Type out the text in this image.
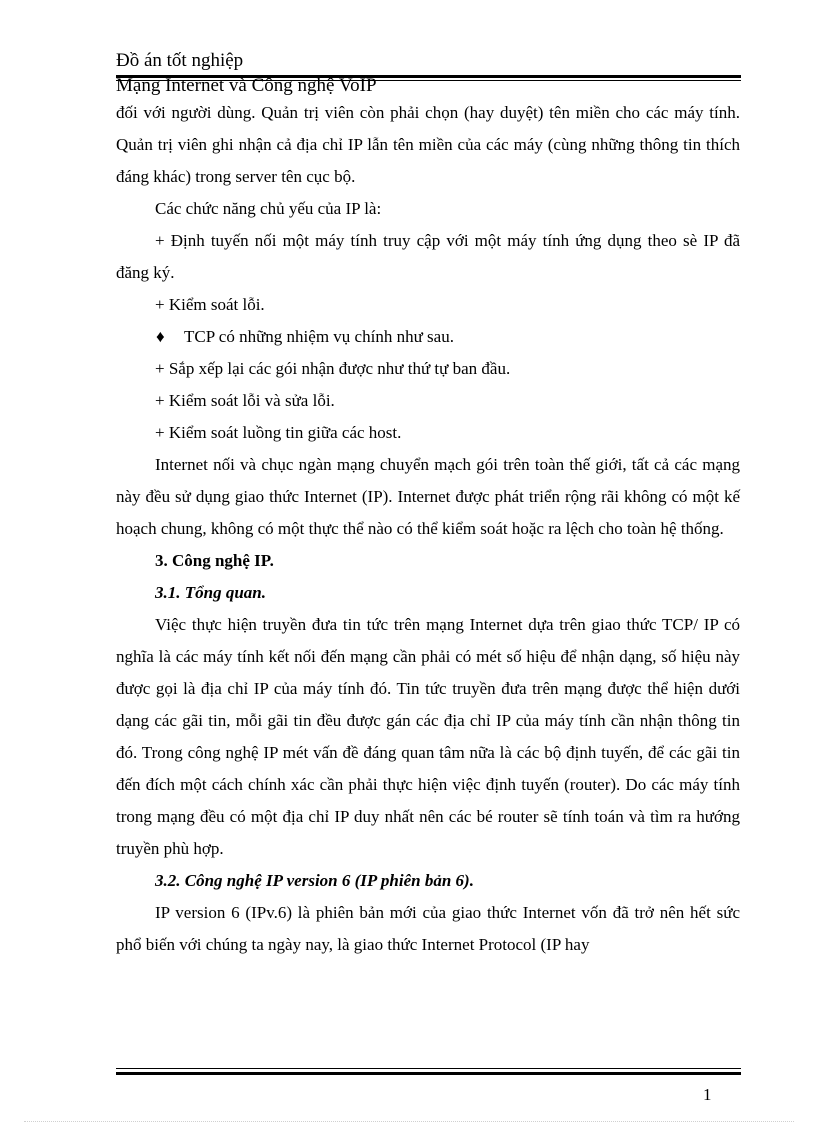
Đồ án tốt nghiệp
Mạng Internet và Công nghệ VoIP

đối với người dùng. Quản trị viên còn phải chọn (hay duyệt) tên miền cho các máy tính. Quản trị viên ghi nhận cả địa chỉ IP lẫn tên miền của các máy (cùng những thông tin thích đáng khác) trong server tên cục bộ.

Các chức năng chủ yếu của IP là:

+ Định tuyến nối một máy tính truy cập với một máy tính ứng dụng theo sè IP đã đăng ký.

+ Kiểm soát lỗi.

♦ TCP có những nhiệm vụ chính như sau.

+ Sắp xếp lại các gói nhận được như thứ tự ban đầu.

+ Kiểm soát lỗi và sửa lỗi.

+ Kiểm soát luồng tin giữa các host.

Internet nối và chục ngàn mạng chuyển mạch gói trên toàn thế giới, tất cả các mạng này đều sử dụng giao thức Internet (IP). Internet được phát triển rộng rãi không có một kế hoạch chung, không có một thực thể nào có thể kiểm soát hoặc ra lệch cho toàn hệ thống.

3. Công nghệ IP.

3.1. Tổng quan.

Việc thực hiện truyền đưa tin tức trên mạng Internet dựa trên giao thức TCP/ IP có nghĩa là các máy tính kết nối đến mạng cần phải có mét số hiệu để nhận dạng, số hiệu này được gọi là địa chỉ IP của máy tính đó. Tin tức truyền đưa trên mạng được thể hiện dưới dạng các gãi tin, mỗi gãi tin đều được gán các địa chỉ IP của máy tính cần nhận thông tin đó. Trong công nghệ IP mét vấn đề đáng quan tâm nữa là các bộ định tuyến, để các gãi tin đến đích một cách chính xác cần phải thực hiện việc định tuyến (router). Do các máy tính trong mạng đều có một địa chỉ IP duy nhất nên các bé router sẽ tính toán và tìm ra hướng truyền phù hợp.

3.2. Công nghệ IP version 6 (IP phiên bản 6).

IP version 6 (IPv.6) là phiên bản mới của giao thức Internet vốn đã trở nên hết sức phổ biến với chúng ta ngày nay, là giao thức Internet Protocol (IP hay

1
